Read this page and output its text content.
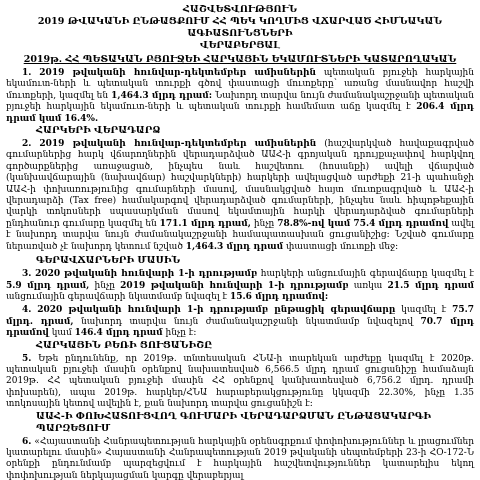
ՀԱՇՎԵՏՎՈՒԹՅՈՒՆ
2019 ԹՎԱԿԱՆԻ ԸՆԹԱՑՔՈՒՄ ՀՀ ՊԵԿ ԿՈՂՄԻՑ ՎՃԱՐՎԱԾ ՀԻՄՆԱԿԱՆ ԱԳԻԱՏՈՒՆՑՆԵՐԻ
ՎԵՐԱԲԵՐՅԱԼ
2019թ. ՀՀ ՊԵՏԱԿԱՆ ԲՅՈՒՋԵԻ ՀԱՐԿԱՅԻՆ ԵԿԱՄՈՒՏՆԵՐԻ ԿԱՏԱՐՈՂԱԿԱՆ

1. 2019 թվականի հունվար-դեկտեմբեր ամիսներին պետական բյուջեի հարկային եկամուտ-ների և պետական տուրքի գծով փաստացի մուտքերը՝ առանց մասնավոր հաշվի մուտքերի, կազմել են 1,464.3 մլրդ դրամ: Նախորդ տարվա նույն ժամանակաշրջանի պետական բյուջեի հարկային եկամուտ-ների և պետական տուրքի համեմատ աճը կազմել է 206.4 մլրդ դրամ կամ 16.4%.

ՀԱՐԿԵՐԻ ՎԵՐԱԴԱՐՁ

2. 2019 թվականի հունվար-դեկտեմբեր ամիսներին (հաշվարկված հավաքագրված գումարներից հարկ վճարողներին վերադարձված ԱԱՀ-ի գրոյական դրույքաչափով հարկվող գործարքներից առաջացած, ինչպես նաև հաշվետու (հոսանքի) ավելի վճարված (կանխավճարային (նախավճար) հաշվարկների) հարկերի ավելացված արժեքի 21-ի պահանջի ԱԱՀ-ի փոխառությունից գումարների մասով, մասնակցված հայտ մուտքագրված և ԱԱՀ-ի վերադարձի (Tax free) համակարգով վերադարձված գումարների, ինչպես նաև հիպոթեքային վարկի տոկոսների սպասարկման մասով եկամտային հարկի վերադարձված գումարների ընդհանուր գումարը կազմել են 171.1 մլրդ դրամ, ինչը 78.8%-ով կամ 75.4 մլրդ դրամով ավել է նախորդ տարվա նույն ժամանակաշրջանի համապատասխան ցուցանիշից: Նշված գումարը ներառված չէ նախորդ կետում նշված 1,464.3 մլրդ դրամ փաստացի մուտքի մեջ:

ԳԵՐԱՎՃԱՐՆԵՐԻ ՄԱՍԻՆ

3. 2020 թվականի հունվարի 1-ի դրությամբ հարկերի անցումային գերավճարը կազմել է 5.9 մլրդ դրամ, ինչը 2019 թվականի հունվարի 1-ի դրությամբ առկա 21.5 մլրդ դրամ անցումային գերավճարի նկատմամբ նվազել է 15.6 մլրդ դրամով:

4. 2020 թվականի հունվարի 1-ի դրությամբ ընթացիկ գերավճարը կազմել է 75.7 մլրդ. դրամ, նախորդ տարվա նույն ժամանակաշրջանի նկատմամբ նվազելով 70.7 մլրդ դրամով կամ 146.4 մլրդ դրամ ինչը է:

ՀԱՐԿԱՅԻՆ ԲԵՌԻ ՑՈՒՑԱՆԻՇԸ

5. Եթե ընդունենք, որ 2019թ. տնտեսական ՀՆԱ-ի տարեկան արժեքը կազմել է 2020թ. պետական բյուջեի մասին օրենքով նախատեսված 6,566.5 մլրդ դրամ ցուցանիշը համաձայն 2019թ. ՀՀ պետական բյուջեի մասին ՀՀ օրենքով կանխատեսված 6,756.2 մլրդ. դրամի փոխարեն), ապա 2019թ. հարկեր/ՀՆԱ հարաբերակցությունը կկազմի 22.30%, ինչը 1.35 տոկոսային կետով ավելին է, քան նախորդ տարվա ցուցանիշն է:

ԱԱՀ-Ի ՓՈԽՀԱՏՈՒՑՎՈՂ ԳՈՒՄԱՐԻ ՎԵՐԱԴԱՐՁՄԱՆ ԸՆԹԱՑԱԿԱՐԳԻ ՊԱՐԶԵՑՈՒՄ

6. «Հայաստանի Հանրապետության հարկային օրենսգրքում փոփոխություններ և լրացումներ կատարելու մասին» Հայաստանի Հանրապետության 2019 թվականի սեպտեմբերի 23-ի ՀՕ-172-Ն օրենքի ընդունմամբ պարզեցվում է հարկային հաշվետվություններ կատարելիս եկող փոփոխության ներկայացման կարգը վերաբերյալ
